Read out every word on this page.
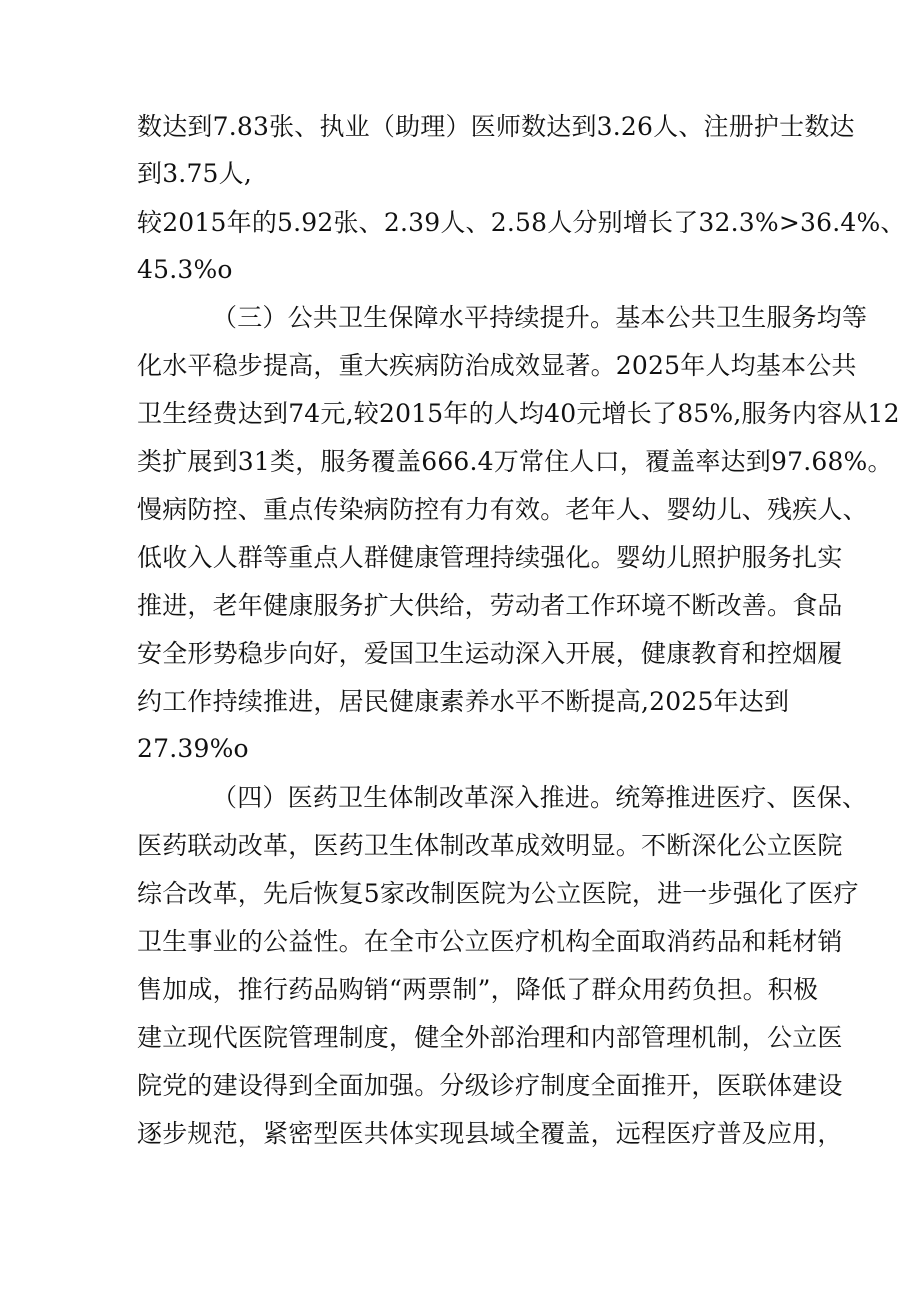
数达到7.83张、执业（助理）医师数达到3.26人、注册护士数达
到3.75人,
较2015年的5.92张、2.39人、2.58人分别增长了32.3%>36.4%、
45.3%o
（三）公共卫生保障水平持续提升。基本公共卫生服务均等
化水平稳步提高，重大疾病防治成效显著。2025年人均基本公共
卫生经费达到74元,较2015年的人均40元增长了85%,服务内容从12
类扩展到31类，服务覆盖666.4万常住人口，覆盖率达到97.68%。
慢病防控、重点传染病防控有力有效。老年人、婴幼儿、残疾人、
低收入人群等重点人群健康管理持续强化。婴幼儿照护服务扎实
推进，老年健康服务扩大供给，劳动者工作环境不断改善。食品
安全形势稳步向好，爱国卫生运动深入开展，健康教育和控烟履
约工作持续推进，居民健康素养水平不断提高,2025年达到
27.39%o
（四）医药卫生体制改革深入推进。统筹推进医疗、医保、
医药联动改革，医药卫生体制改革成效明显。不断深化公立医院
综合改革，先后恢复5家改制医院为公立医院，进一步强化了医疗
卫生事业的公益性。在全市公立医疗机构全面取消药品和耗材销
售加成，推行药品购销“两票制”，降低了群众用药负担。积极
建立现代医院管理制度，健全外部治理和内部管理机制，公立医
院党的建设得到全面加强。分级诊疗制度全面推开，医联体建设
逐步规范，紧密型医共体实现县域全覆盖，远程医疗普及应用，
